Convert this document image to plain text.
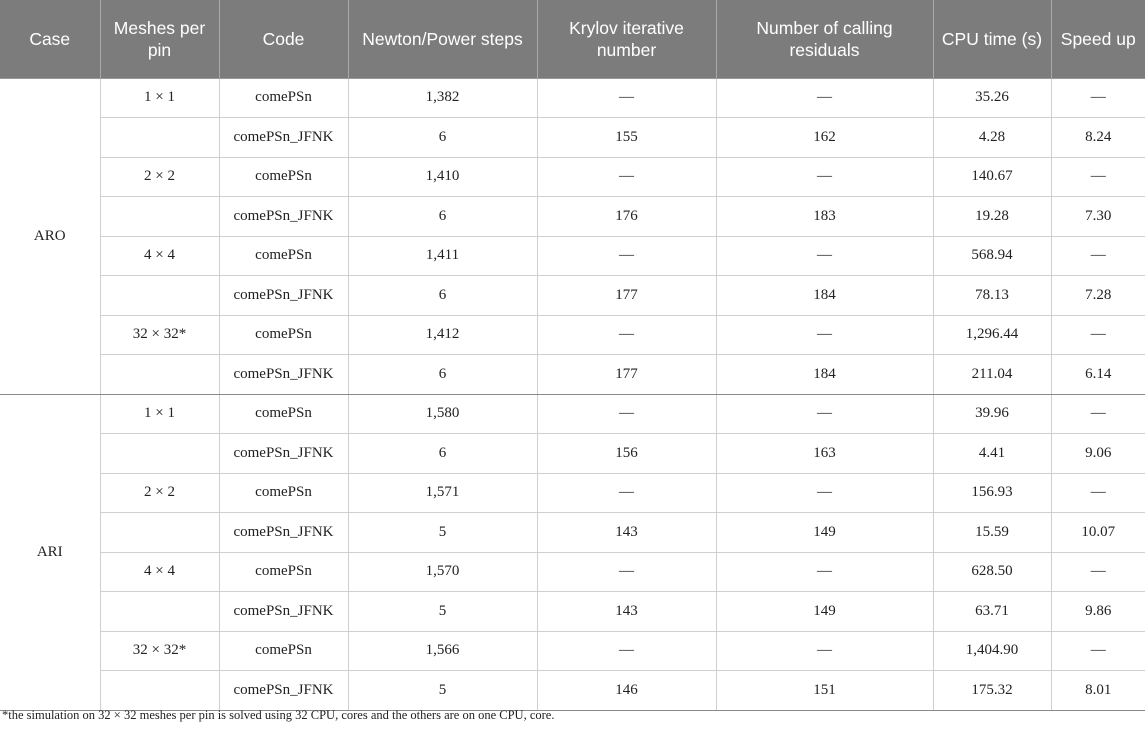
Case	Meshes per pin	Code	Newton/Power steps	Krylov iterative number	Number of calling residuals	CPU time (s)	Speed up
ARO	1 × 1	comePSn	1,382	—	—	35.26	—
		comePSn_JFNK	6	155	162	4.28	8.24
	2 × 2	comePSn	1,410	—	—	140.67	—
		comePSn_JFNK	6	176	183	19.28	7.30
	4 × 4	comePSn	1,411	—	—	568.94	—
		comePSn_JFNK	6	177	184	78.13	7.28
	32 × 32*	comePSn	1,412	—	—	1,296.44	—
		comePSn_JFNK	6	177	184	211.04	6.14
ARI	1 × 1	comePSn	1,580	—	—	39.96	—
		comePSn_JFNK	6	156	163	4.41	9.06
	2 × 2	comePSn	1,571	—	—	156.93	—
		comePSn_JFNK	5	143	149	15.59	10.07
	4 × 4	comePSn	1,570	—	—	628.50	—
		comePSn_JFNK	5	143	149	63.71	9.86
	32 × 32*	comePSn	1,566	—	—	1,404.90	—
		comePSn_JFNK	5	146	151	175.32	8.01
*the simulation on 32 × 32 meshes per pin is solved using 32 CPU, cores and the others are on one CPU, core.
